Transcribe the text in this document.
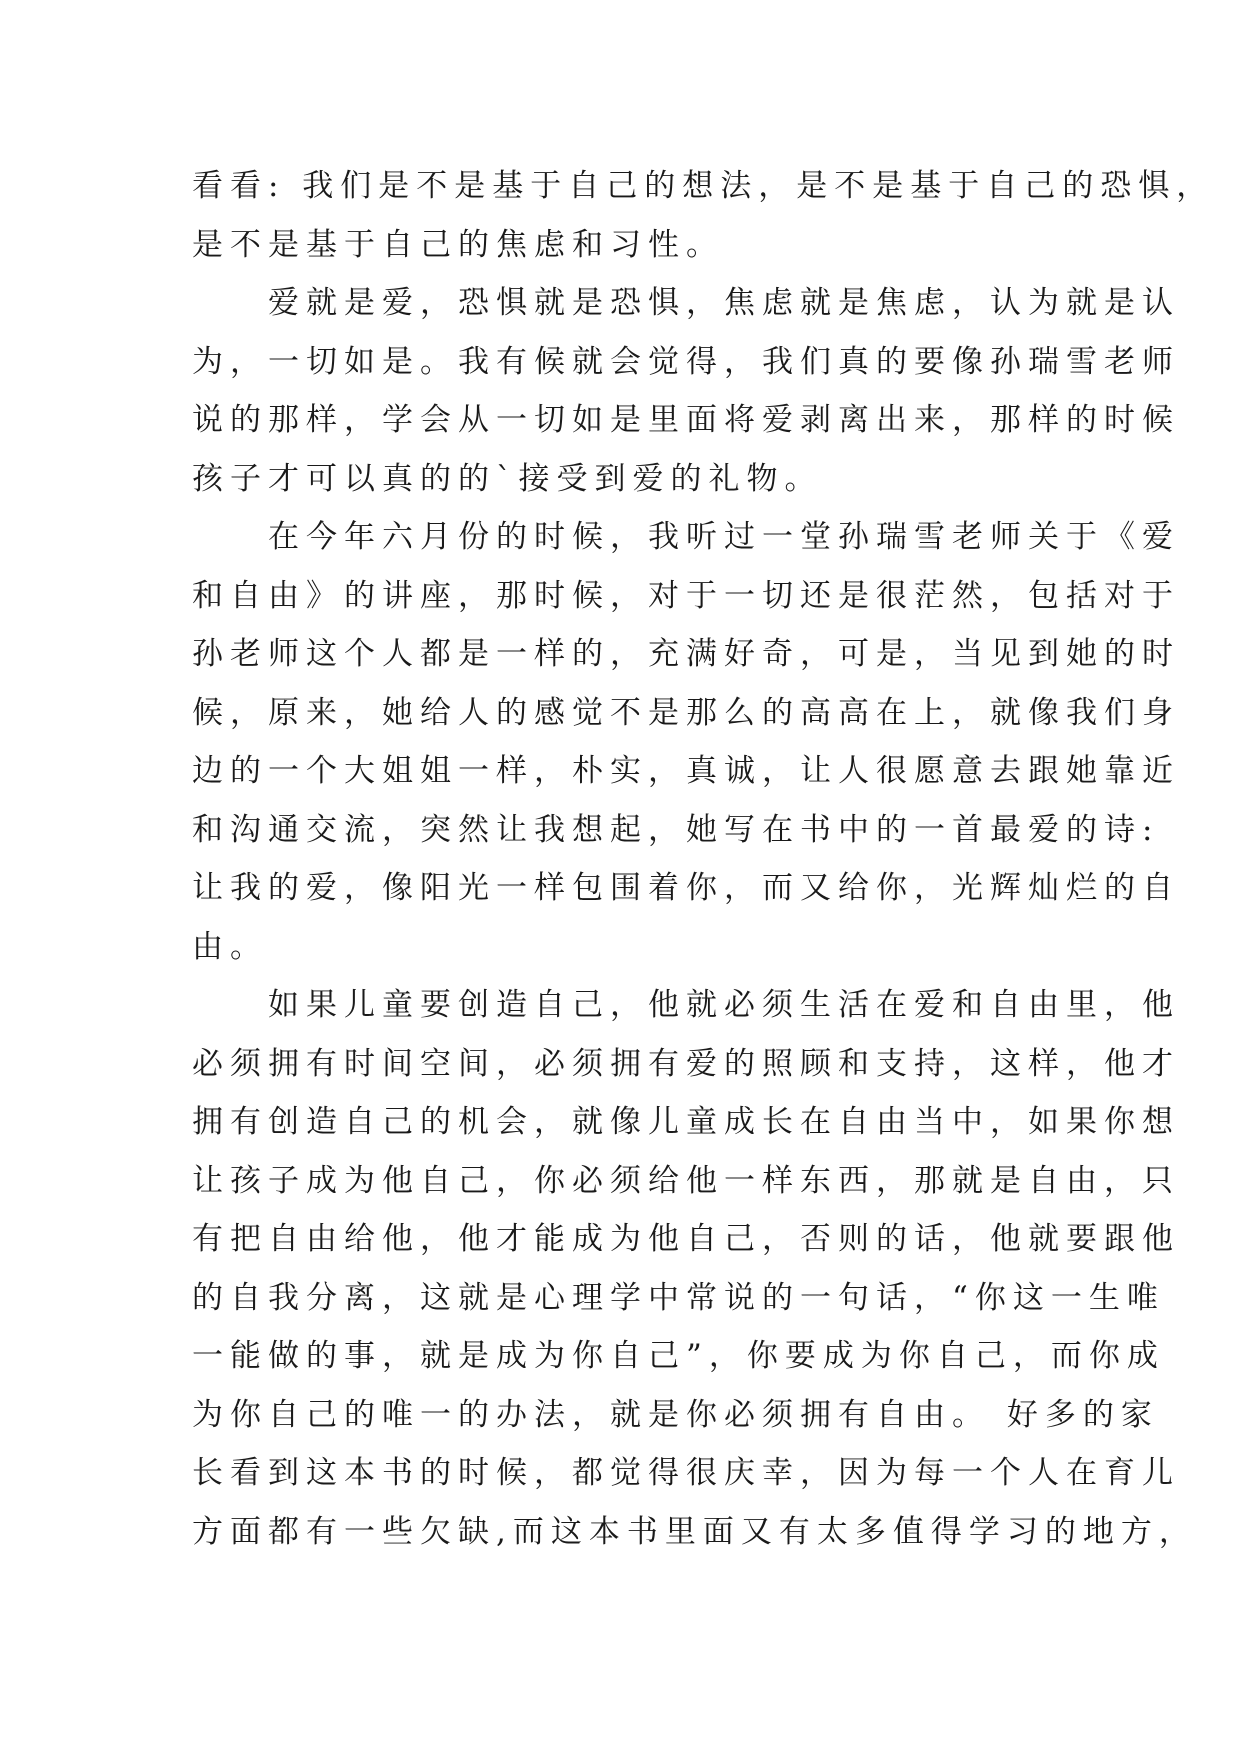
看看: 我们是不是基于自己的想法，是不是基于自己的恐惧，
是不是基于自己的焦虑和习性。
　　爱就是爱，恐惧就是恐惧，焦虑就是焦虑，认为就是认
为，一切如是。我有候就会觉得，我们真的要像孙瑞雪老师
说的那样，学会从一切如是里面将爱剥离出来，那样的时候
孩子才可以真的的`接受到爱的礼物。
　　在今年六月份的时候，我听过一堂孙瑞雪老师关于《爱
和自由》的讲座，那时候，对于一切还是很茫然，包括对于
孙老师这个人都是一样的，充满好奇，可是，当见到她的时
候，原来，她给人的感觉不是那么的高高在上，就像我们身
边的一个大姐姐一样，朴实，真诚，让人很愿意去跟她靠近
和沟通交流，突然让我想起，她写在书中的一首最爱的诗:
让我的爱，像阳光一样包围着你，而又给你，光辉灿烂的自
由。
　　如果儿童要创造自己，他就必须生活在爱和自由里，他
必须拥有时间空间，必须拥有爱的照顾和支持，这样，他才
拥有创造自己的机会，就像儿童成长在自由当中，如果你想
让孩子成为他自己，你必须给他一样东西，那就是自由，只
有把自由给他，他才能成为他自己，否则的话，他就要跟他
的自我分离，这就是心理学中常说的一句话，“你这一生唯
一能做的事，就是成为你自己”，你要成为你自己，而你成
为你自己的唯一的办法，就是你必须拥有自由。 好多的家
长看到这本书的时候，都觉得很庆幸，因为每一个人在育儿
方面都有一些欠缺,而这本书里面又有太多值得学习的地方，
